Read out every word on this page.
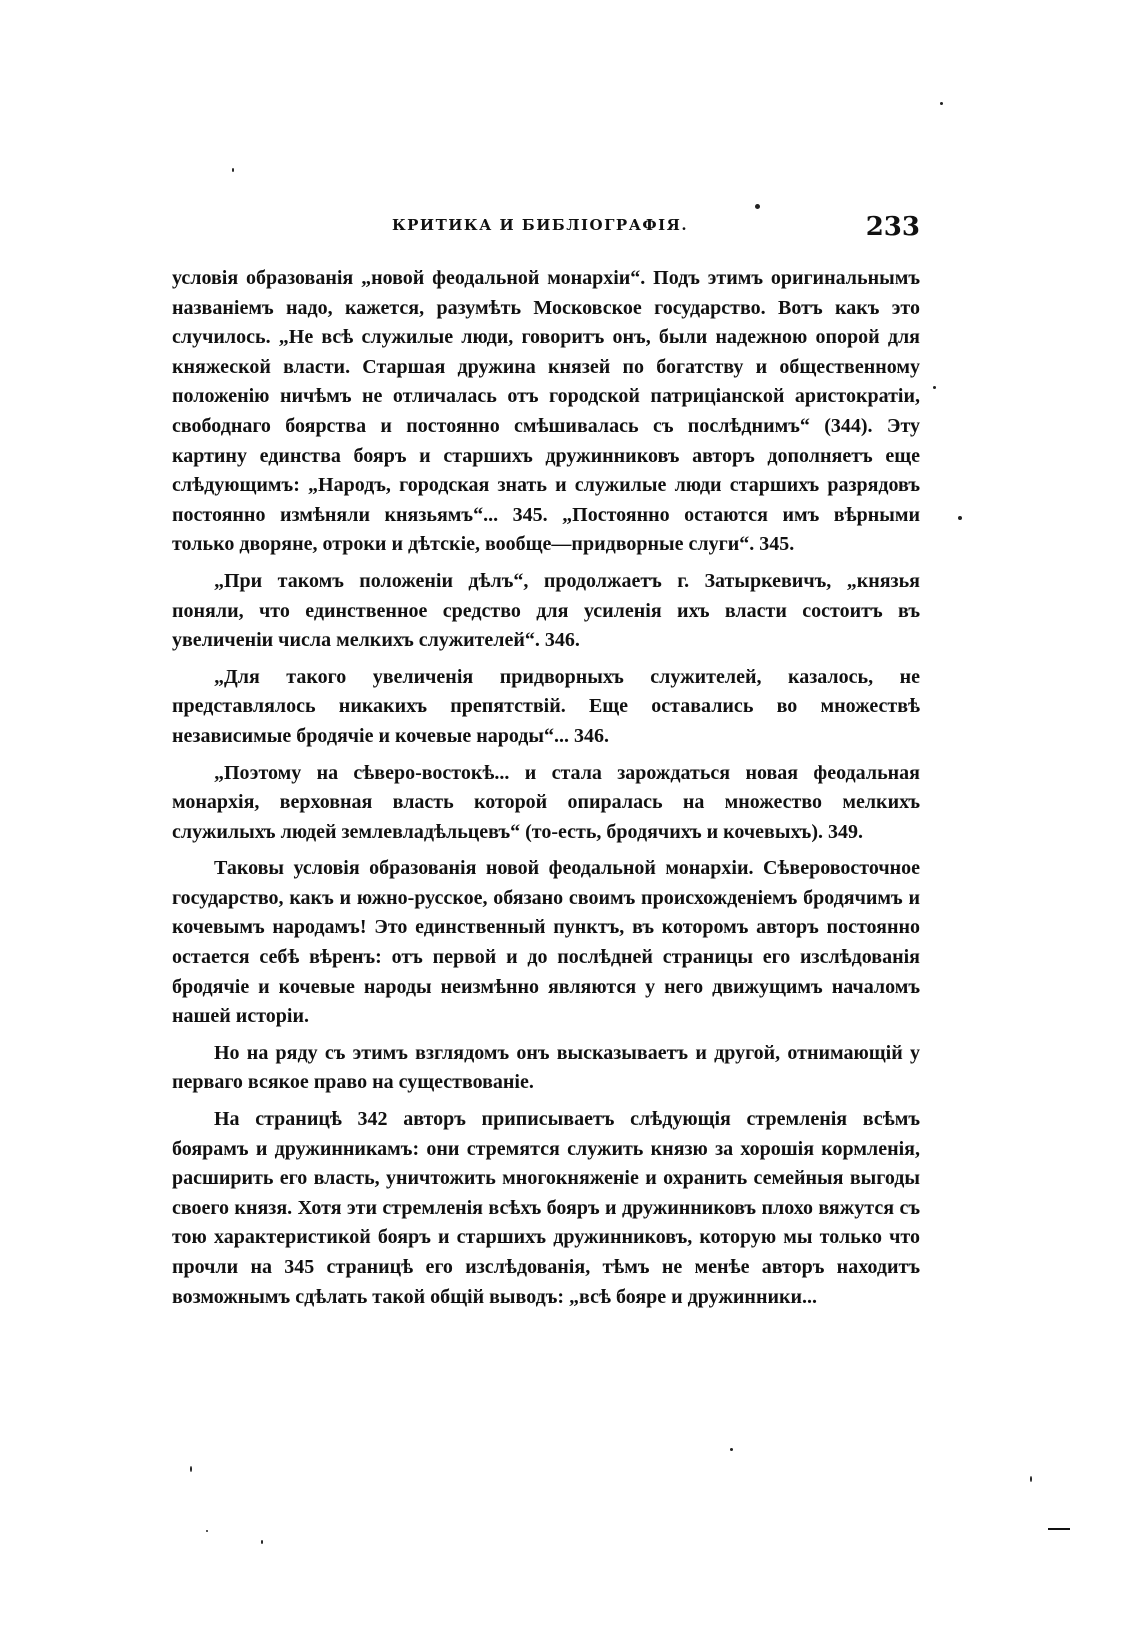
КРИТИКА И БИБЛІОГРАФІЯ.	233

условія образованія „новой феодальной монархіи“. Подъ этимъ оригинальнымъ названіемъ надо, кажется, разумѣть Московское государство. Вотъ какъ это случилось. „Не всѣ служилые люди, говоритъ онъ, были надежною опорой для княжеской власти. Старшая дружина князей по богатству и общественному положенію ничѣмъ не отличалась отъ городской патриціанской аристократіи, свободнаго боярства и постоянно смѣшивалась съ послѣднимъ“ (344). Эту картину единства бояръ и старшихъ дружинниковъ авторъ дополняетъ еще слѣдующимъ: „Народъ, городская знать и служилые люди старшихъ разрядовъ постоянно измѣняли князьямъ“... 345. „Постоянно остаются имъ вѣрными только дворяне, отроки и дѣтскіе, вообще—придворные слуги“. 345.

„При такомъ положеніи дѣлъ“, продолжаетъ г. Затыркевичъ, „князья поняли, что единственное средство для усиленія ихъ власти состоитъ въ увеличеніи числа мелкихъ служителей“. 346.

„Для такого увеличенія придворныхъ служителей, казалось, не представлялось никакихъ препятствій. Еще оставались во множествѣ независимые бродячіе и кочевые народы“... 346.

„Поэтому на сѣверо-востокѣ... и стала зарождаться новая феодальная монархія, верховная власть которой опиралась на множество мелкихъ служилыхъ людей землевладѣльцевъ“ (то-есть, бродячихъ и кочевыхъ). 349.

Таковы условія образованія новой феодальной монархіи. Сѣверовосточное государство, какъ и южно-русское, обязано своимъ происхожденіемъ бродячимъ и кочевымъ народамъ! Это единственный пунктъ, въ которомъ авторъ постоянно остается себѣ вѣренъ: отъ первой и до послѣдней страницы его изслѣдованія бродячіе и кочевые народы неизмѣнно являются у него движущимъ началомъ нашей исторіи.

Но на ряду съ этимъ взглядомъ онъ высказываетъ и другой, отнимающій у перваго всякое право на существованіе.

На страницѣ 342 авторъ приписываетъ слѣдующія стремленія всѣмъ боярамъ и дружинникамъ: они стремятся служить князю за хорошія кормленія, расширить его власть, уничтожить многокняженіе и охранить семейныя выгоды своего князя. Хотя эти стремленія всѣхъ бояръ и дружинниковъ плохо вяжутся съ тою характеристикой бояръ и старшихъ дружинниковъ, которую мы только что прочли на 345 страницѣ его изслѣдованія, тѣмъ не менѣе авторъ находитъ возможнымъ сдѣлать такой общій выводъ: „всѣ бояре и дружинники...
